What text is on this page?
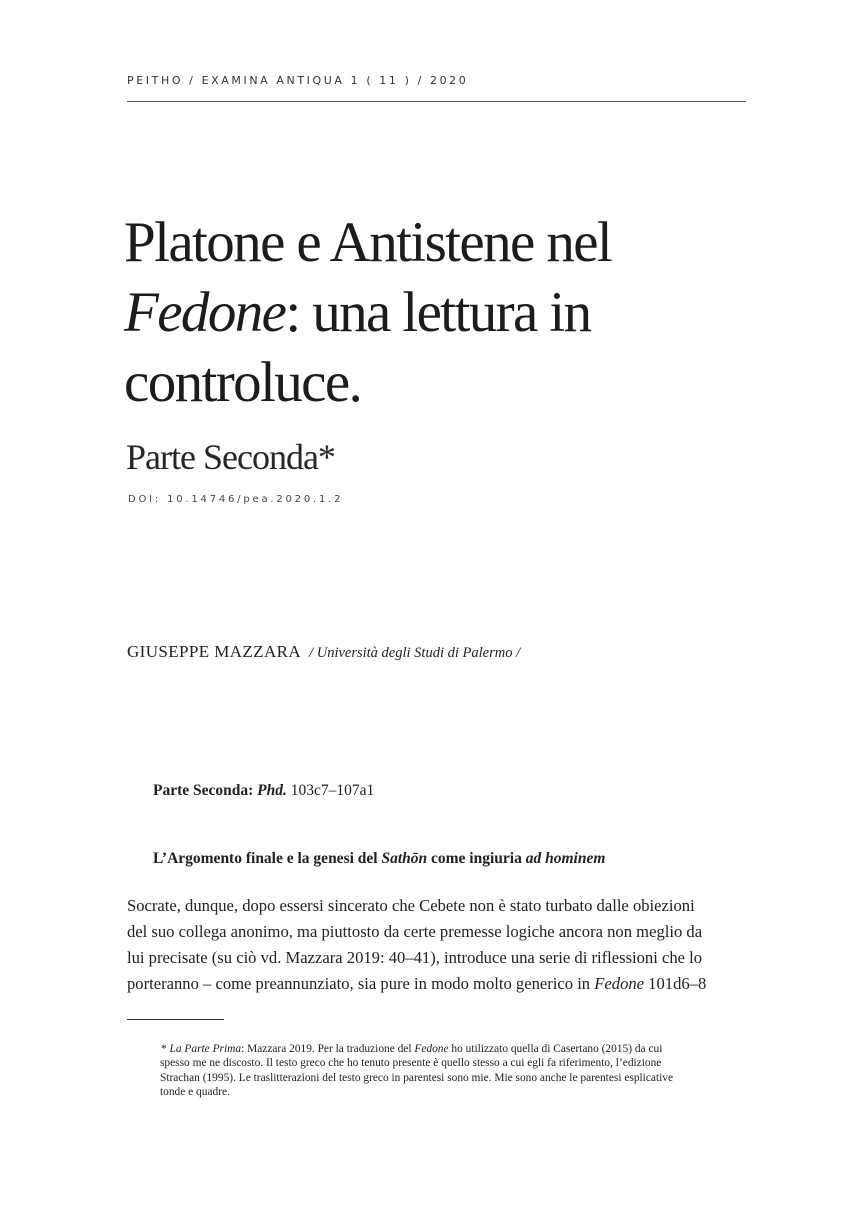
PEITHO / EXAMINA ANTIQUA 1 ( 11 ) / 2020
Platone e Antistene nel
Fedone: una lettura in
controluce.
Parte Seconda*
DOI: 10.14746/pea.2020.1.2
GIUSEPPE MAZZARA / Università degli Studi di Palermo /
Parte Seconda: Phd. 103c7–107a1
L’Argomento finale e la genesi del Sathōn come ingiuria ad hominem
Socrate, dunque, dopo essersi sincerato che Cebete non è stato turbato dalle obiezioni
del suo collega anonimo, ma piuttosto da certe premesse logiche ancora non meglio da
lui precisate (su ciò vd. Mazzara 2019: 40–41), introduce una serie di riflessioni che lo
porteranno – come preannunziato, sia pure in modo molto generico in Fedone 101d6–8
* La Parte Prima: Mazzara 2019. Per la traduzione del Fedone ho utilizzato quella di Casertano (2015) da cui
spesso me ne discosto. Il testo greco che ho tenuto presente è quello stesso a cui egli fa riferimento, l’edizione
Strachan (1995). Le traslitterazioni del testo greco in parentesi sono mie. Mie sono anche le parentesi esplicative
tonde e quadre.
